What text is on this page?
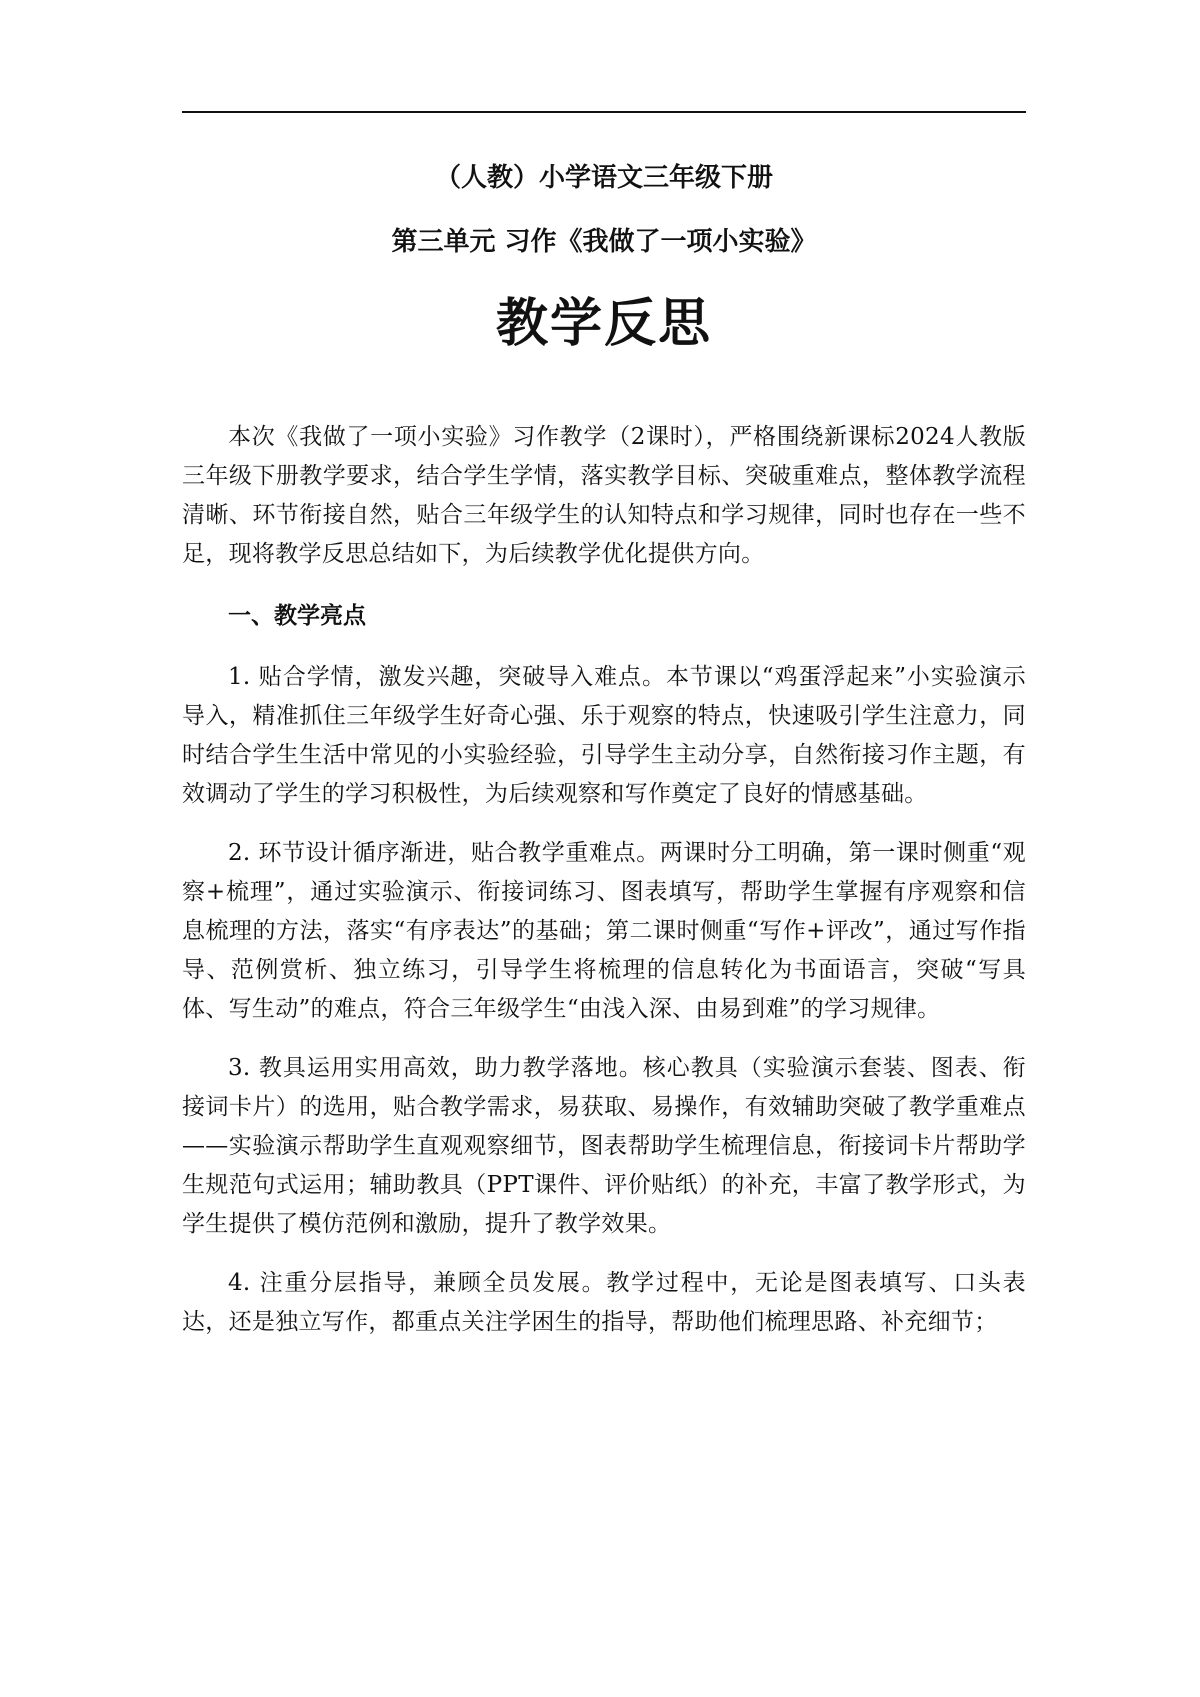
（人教）小学语文三年级下册
第三单元 习作《我做了一项小实验》
教学反思

本次《我做了一项小实验》习作教学（2课时），严格围绕新课标2024人教版三年级下册教学要求，结合学生学情，落实教学目标、突破重难点，整体教学流程清晰、环节衔接自然，贴合三年级学生的认知特点和学习规律，同时也存在一些不足，现将教学反思总结如下，为后续教学优化提供方向。

一、教学亮点

1. 贴合学情，激发兴趣，突破导入难点。本节课以“鸡蛋浮起来”小实验演示导入，精准抓住三年级学生好奇心强、乐于观察的特点，快速吸引学生注意力，同时结合学生生活中常见的小实验经验，引导学生主动分享，自然衔接习作主题，有效调动了学生的学习积极性，为后续观察和写作奠定了良好的情感基础。

2. 环节设计循序渐进，贴合教学重难点。两课时分工明确，第一课时侧重“观察+梳理”，通过实验演示、衔接词练习、图表填写，帮助学生掌握有序观察和信息梳理的方法，落实“有序表达”的基础；第二课时侧重“写作+评改”，通过写作指导、范例赏析、独立练习，引导学生将梳理的信息转化为书面语言，突破“写具体、写生动”的难点，符合三年级学生“由浅入深、由易到难”的学习规律。

3. 教具运用实用高效，助力教学落地。核心教具（实验演示套装、图表、衔接词卡片）的选用，贴合教学需求，易获取、易操作，有效辅助突破了教学重难点——实验演示帮助学生直观观察细节，图表帮助学生梳理信息，衔接词卡片帮助学生规范句式运用；辅助教具（PPT课件、评价贴纸）的补充，丰富了教学形式，为学生提供了模仿范例和激励，提升了教学效果。

4. 注重分层指导，兼顾全员发展。教学过程中，无论是图表填写、口头表达，还是独立写作，都重点关注学困生的指导，帮助他们梳理思路、补充细节；
